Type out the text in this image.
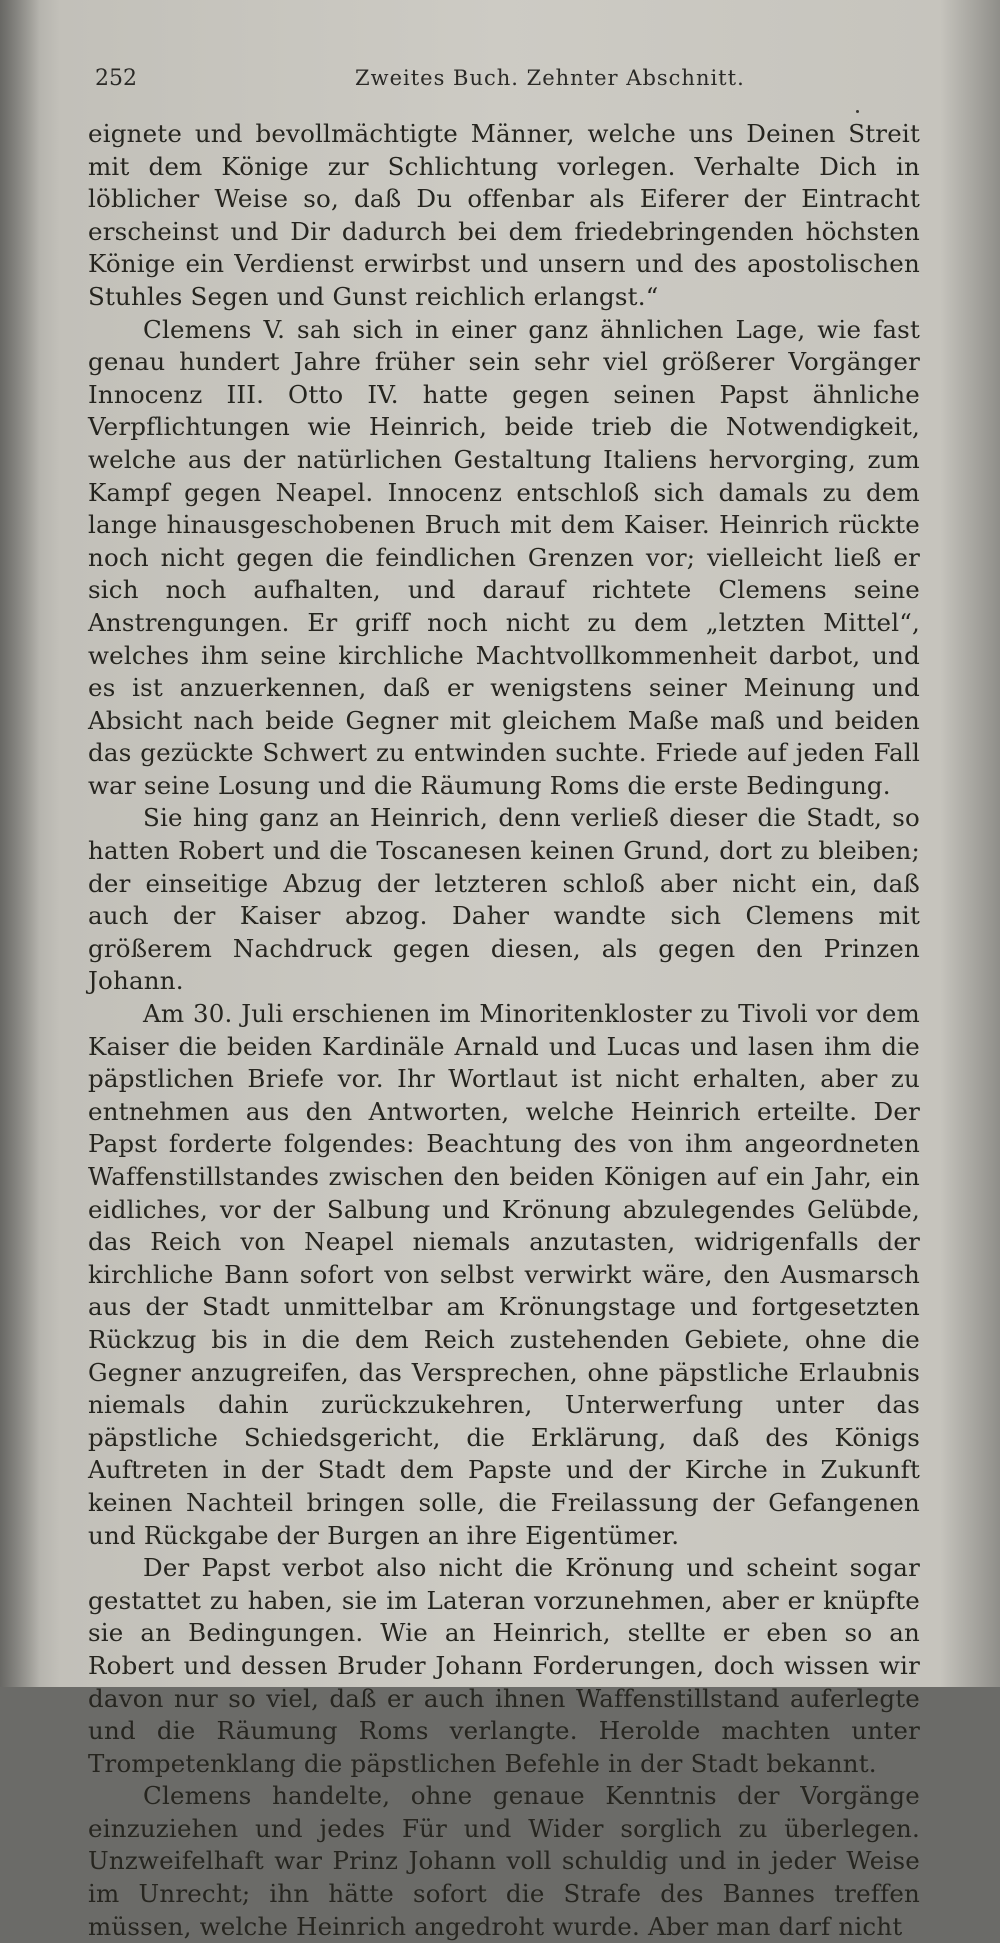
252	Zweites Buch. Zehnter Abschnitt.

eignete und bevollmächtigte Männer, welche uns Deinen Streit mit dem Könige zur Schlichtung vorlegen. Verhalte Dich in löblicher Weise so, daß Du offenbar als Eiferer der Eintracht erscheinst und Dir dadurch bei dem friedebringenden höchsten Könige ein Verdienst erwirbst und unsern und des apostolischen Stuhles Segen und Gunst reichlich erlangst.“

Clemens V. sah sich in einer ganz ähnlichen Lage, wie fast genau hundert Jahre früher sein sehr viel größerer Vorgänger Innocenz III. Otto IV. hatte gegen seinen Papst ähnliche Verpflichtungen wie Heinrich, beide trieb die Notwendigkeit, welche aus der natürlichen Gestaltung Italiens hervorging, zum Kampf gegen Neapel. Innocenz entschloß sich damals zu dem lange hinausgeschobenen Bruch mit dem Kaiser. Heinrich rückte noch nicht gegen die feindlichen Grenzen vor; vielleicht ließ er sich noch aufhalten, und darauf richtete Clemens seine Anstrengungen. Er griff noch nicht zu dem „letzten Mittel“, welches ihm seine kirchliche Machtvollkommenheit darbot, und es ist anzuerkennen, daß er wenigstens seiner Meinung und Absicht nach beide Gegner mit gleichem Maße maß und beiden das gezückte Schwert zu entwinden suchte. Friede auf jeden Fall war seine Losung und die Räumung Roms die erste Bedingung.

Sie hing ganz an Heinrich, denn verließ dieser die Stadt, so hatten Robert und die Toscanesen keinen Grund, dort zu bleiben; der einseitige Abzug der letzteren schloß aber nicht ein, daß auch der Kaiser abzog. Daher wandte sich Clemens mit größerem Nachdruck gegen diesen, als gegen den Prinzen Johann.

Am 30. Juli erschienen im Minoritenkloster zu Tivoli vor dem Kaiser die beiden Kardinäle Arnald und Lucas und lasen ihm die päpstlichen Briefe vor. Ihr Wortlaut ist nicht erhalten, aber zu entnehmen aus den Antworten, welche Heinrich erteilte. Der Papst forderte folgendes: Beachtung des von ihm angeordneten Waffenstillstandes zwischen den beiden Königen auf ein Jahr, ein eidliches, vor der Salbung und Krönung abzulegendes Gelübde, das Reich von Neapel niemals anzutasten, widrigenfalls der kirchliche Bann sofort von selbst verwirkt wäre, den Ausmarsch aus der Stadt unmittelbar am Krönungstage und fortgesetzten Rückzug bis in die dem Reich zustehenden Gebiete, ohne die Gegner anzugreifen, das Versprechen, ohne päpstliche Erlaubnis niemals dahin zurückzukehren, Unterwerfung unter das päpstliche Schiedsgericht, die Erklärung, daß des Königs Auftreten in der Stadt dem Papste und der Kirche in Zukunft keinen Nachteil bringen solle, die Freilassung der Gefangenen und Rückgabe der Burgen an ihre Eigentümer.

Der Papst verbot also nicht die Krönung und scheint sogar gestattet zu haben, sie im Lateran vorzunehmen, aber er knüpfte sie an Bedingungen. Wie an Heinrich, stellte er eben so an Robert und dessen Bruder Johann Forderungen, doch wissen wir davon nur so viel, daß er auch ihnen Waffenstillstand auferlegte und die Räumung Roms verlangte. Herolde machten unter Trompetenklang die päpstlichen Befehle in der Stadt bekannt.

Clemens handelte, ohne genaue Kenntnis der Vorgänge einzuziehen und jedes Für und Wider sorglich zu überlegen. Unzweifelhaft war Prinz Johann voll schuldig und in jeder Weise im Unrecht; ihn hätte sofort die Strafe des Bannes treffen müssen, welche Heinrich angedroht wurde. Aber man darf nicht
